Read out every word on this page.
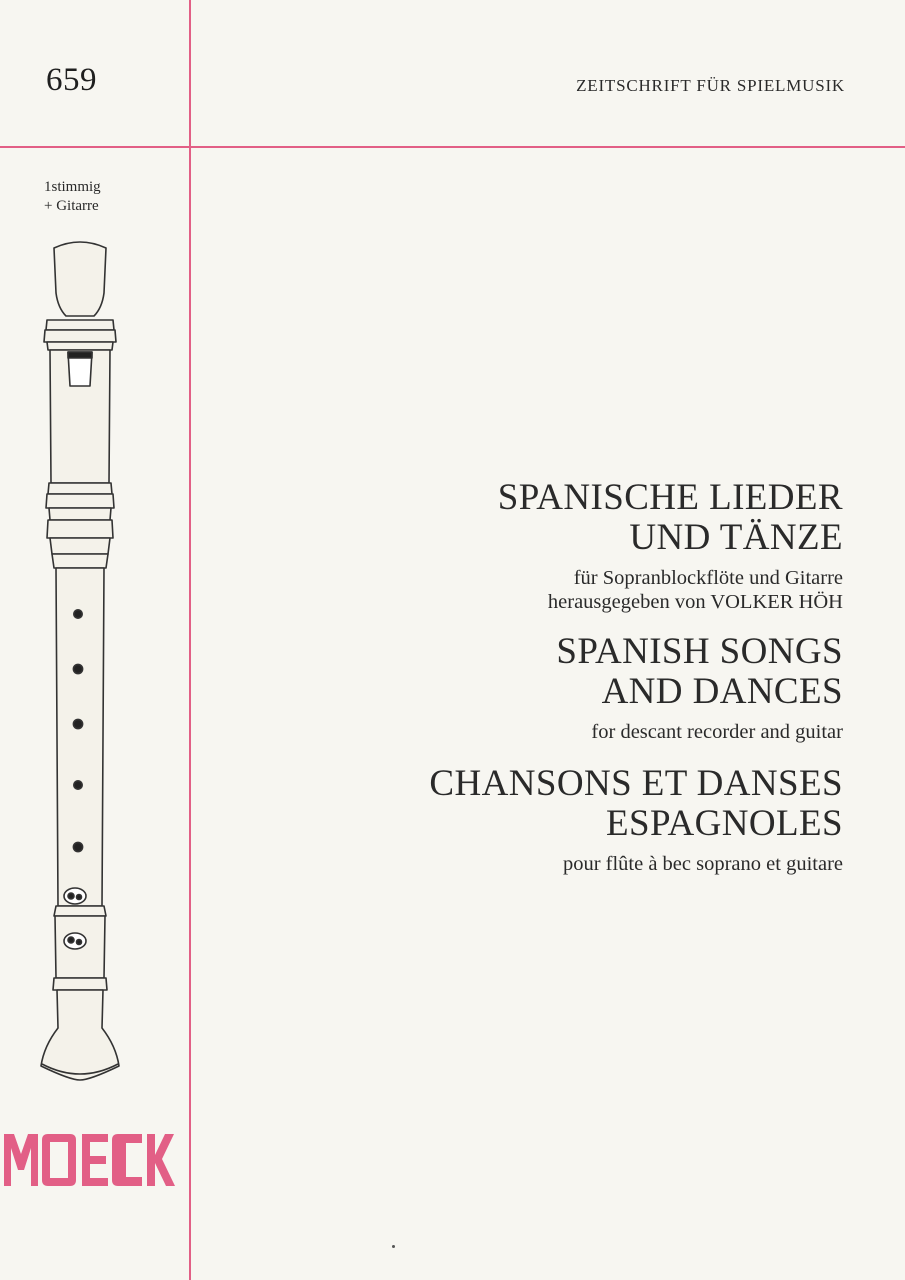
659	ZEITSCHRIFT FÜR SPIELMUSIK
1stimmig
+ Gitarre
SPANISCHE LIEDER
UND TÄNZE
für Sopranblockflöte und Gitarre
herausgegeben von VOLKER HÖH
SPANISH SONGS
AND DANCES
for descant recorder and guitar
CHANSONS ET DANSES
ESPAGNOLES
pour flûte à bec soprano et guitare
